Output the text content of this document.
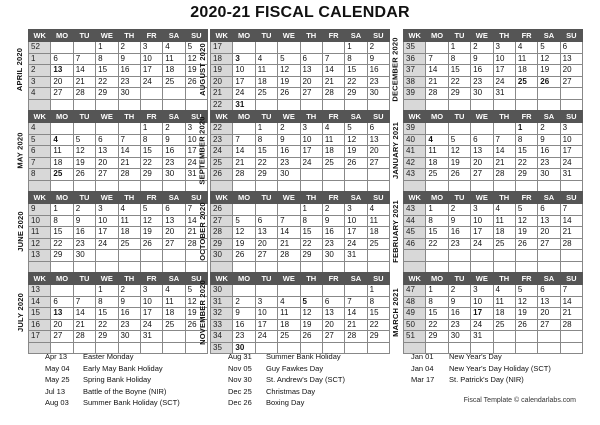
2020-21 FISCAL CALENDAR
APRIL 2020
WK	MO	TU	WE	TH	FR	SA	SU
52			1	2	3	4	5
1	6	7	8	9	10	11	12
2	13	14	15	16	17	18	19
3	20	21	22	23	24	25	26
4	27	28	29	30			
								AUGUST 2020
WK	MO	TU	WE	TH	FR	SA	SU
17						1	2
18	3	4	5	6	7	8	9
19	10	11	12	13	14	15	16
20	17	18	19	20	21	22	23
21	24	25	26	27	28	29	30
22	31						
DECEMBER 2020
WK	MO	TU	WE	TH	FR	SA	SU
35		1	2	3	4	5	6
36	7	8	9	10	11	12	13
37	14	15	16	17	18	19	20
38	21	22	23	24	25	26	27
39	28	29	30	31			

MAY 2020
WK	MO	TU	WE	TH	FR	SA	SU
4					1	2	3
5	4	5	6	7	8	9	10
6	11	12	13	14	15	16	17
7	18	19	20	21	22	23	24
8	25	26	27	28	29	30	31
							SEPTEMBER 2020 WK	MO	TU	WE	TH	FR	SA	SU
22		1	2	3	4	5	6
23	7	8	9	10	11	12	13
24	14	15	16	17	18	19	20
25	21	22	23	24	25	26	27
26	28	29	30				
								JANUARY 2021
WK	MO	TU	WE	TH	FR	SA	SU
39					1	2	3
40	4	5	6	7	8	9	10
41	11	12	13	14	15	16	17
42	18	19	20	21	22	23	24
43	25	26	27	28	29	30	31

JUNE 2020
WK	MO	TU	WE	TH	FR	SA	SU
9	1	2	3	4	5	6	7
10	8	9	10	11	12	13	14
11	15	16	17	18	19	20	21
12	22	23	24	25	26	27	28
13	29	30					
								OCTOBER 2020
WK	MO	TU	WE	TH	FR	SA	SU
26				1	2	3	4
27	5	6	7	8	9	10	11
28	12	13	14	15	16	17	18
29	19	20	21	22	23	24	25
30	26	27	28	29	30	31	
								FEBRUARY 2021
WK	MO	TU	WE	TH	FR	SA	SU
43	1	2	3	4	5	6	7
44	8	9	10	11	12	13	14
45	15	16	17	18	19	20	21
46	22	23	24	25	26	27	28

JULY 2020
WK	MO	TU	WE	TH	FR	SA	SU
13			1	2	3	4	5
14	6	7	8	9	10	11	12
15	13	14	15	16	17	18	19
16	20	21	22	23	24	25	26
17	27	28	29	30	31		
								NOVEMBER 2020
WK	MO	TU	WE	TH	FR	SA	SU
30							1
31	2	3	4	5	6	7	8
32	9	10	11	12	13	14	15
33	16	17	18	19	20	21	22
34	23	24	25	26	27	28	29
35	30						
MARCH 2021
WK	MO	TU	WE	TH	FR	SA	SU
47	1	2	3	4	5	6	7
48	8	9	10	11	12	13	14
49	15	16	17	18	19	20	21
50	22	23	24	25	26	27	28
51	29	30	31				

Apr 13 Easter Monday
May 04 Early May Bank Holiday
May 25 Spring Bank Holiday
Jul 13 Battle of the Boyne (NIR)
Aug 03 Summer Bank Holiday (SCT)
Aug 31 Summer Bank Holiday
Nov 05 Guy Fawkes Day
Nov 30 St. Andrew's Day (SCT)
Dec 25 Christmas Day
Dec 26 Boxing Day
Jan 01 New Year's Day
Jan 04 New Year's Day Holiday (SCT)
Mar 17 St. Patrick's Day (NIR)
Fiscal Template © calendarlabs.com
